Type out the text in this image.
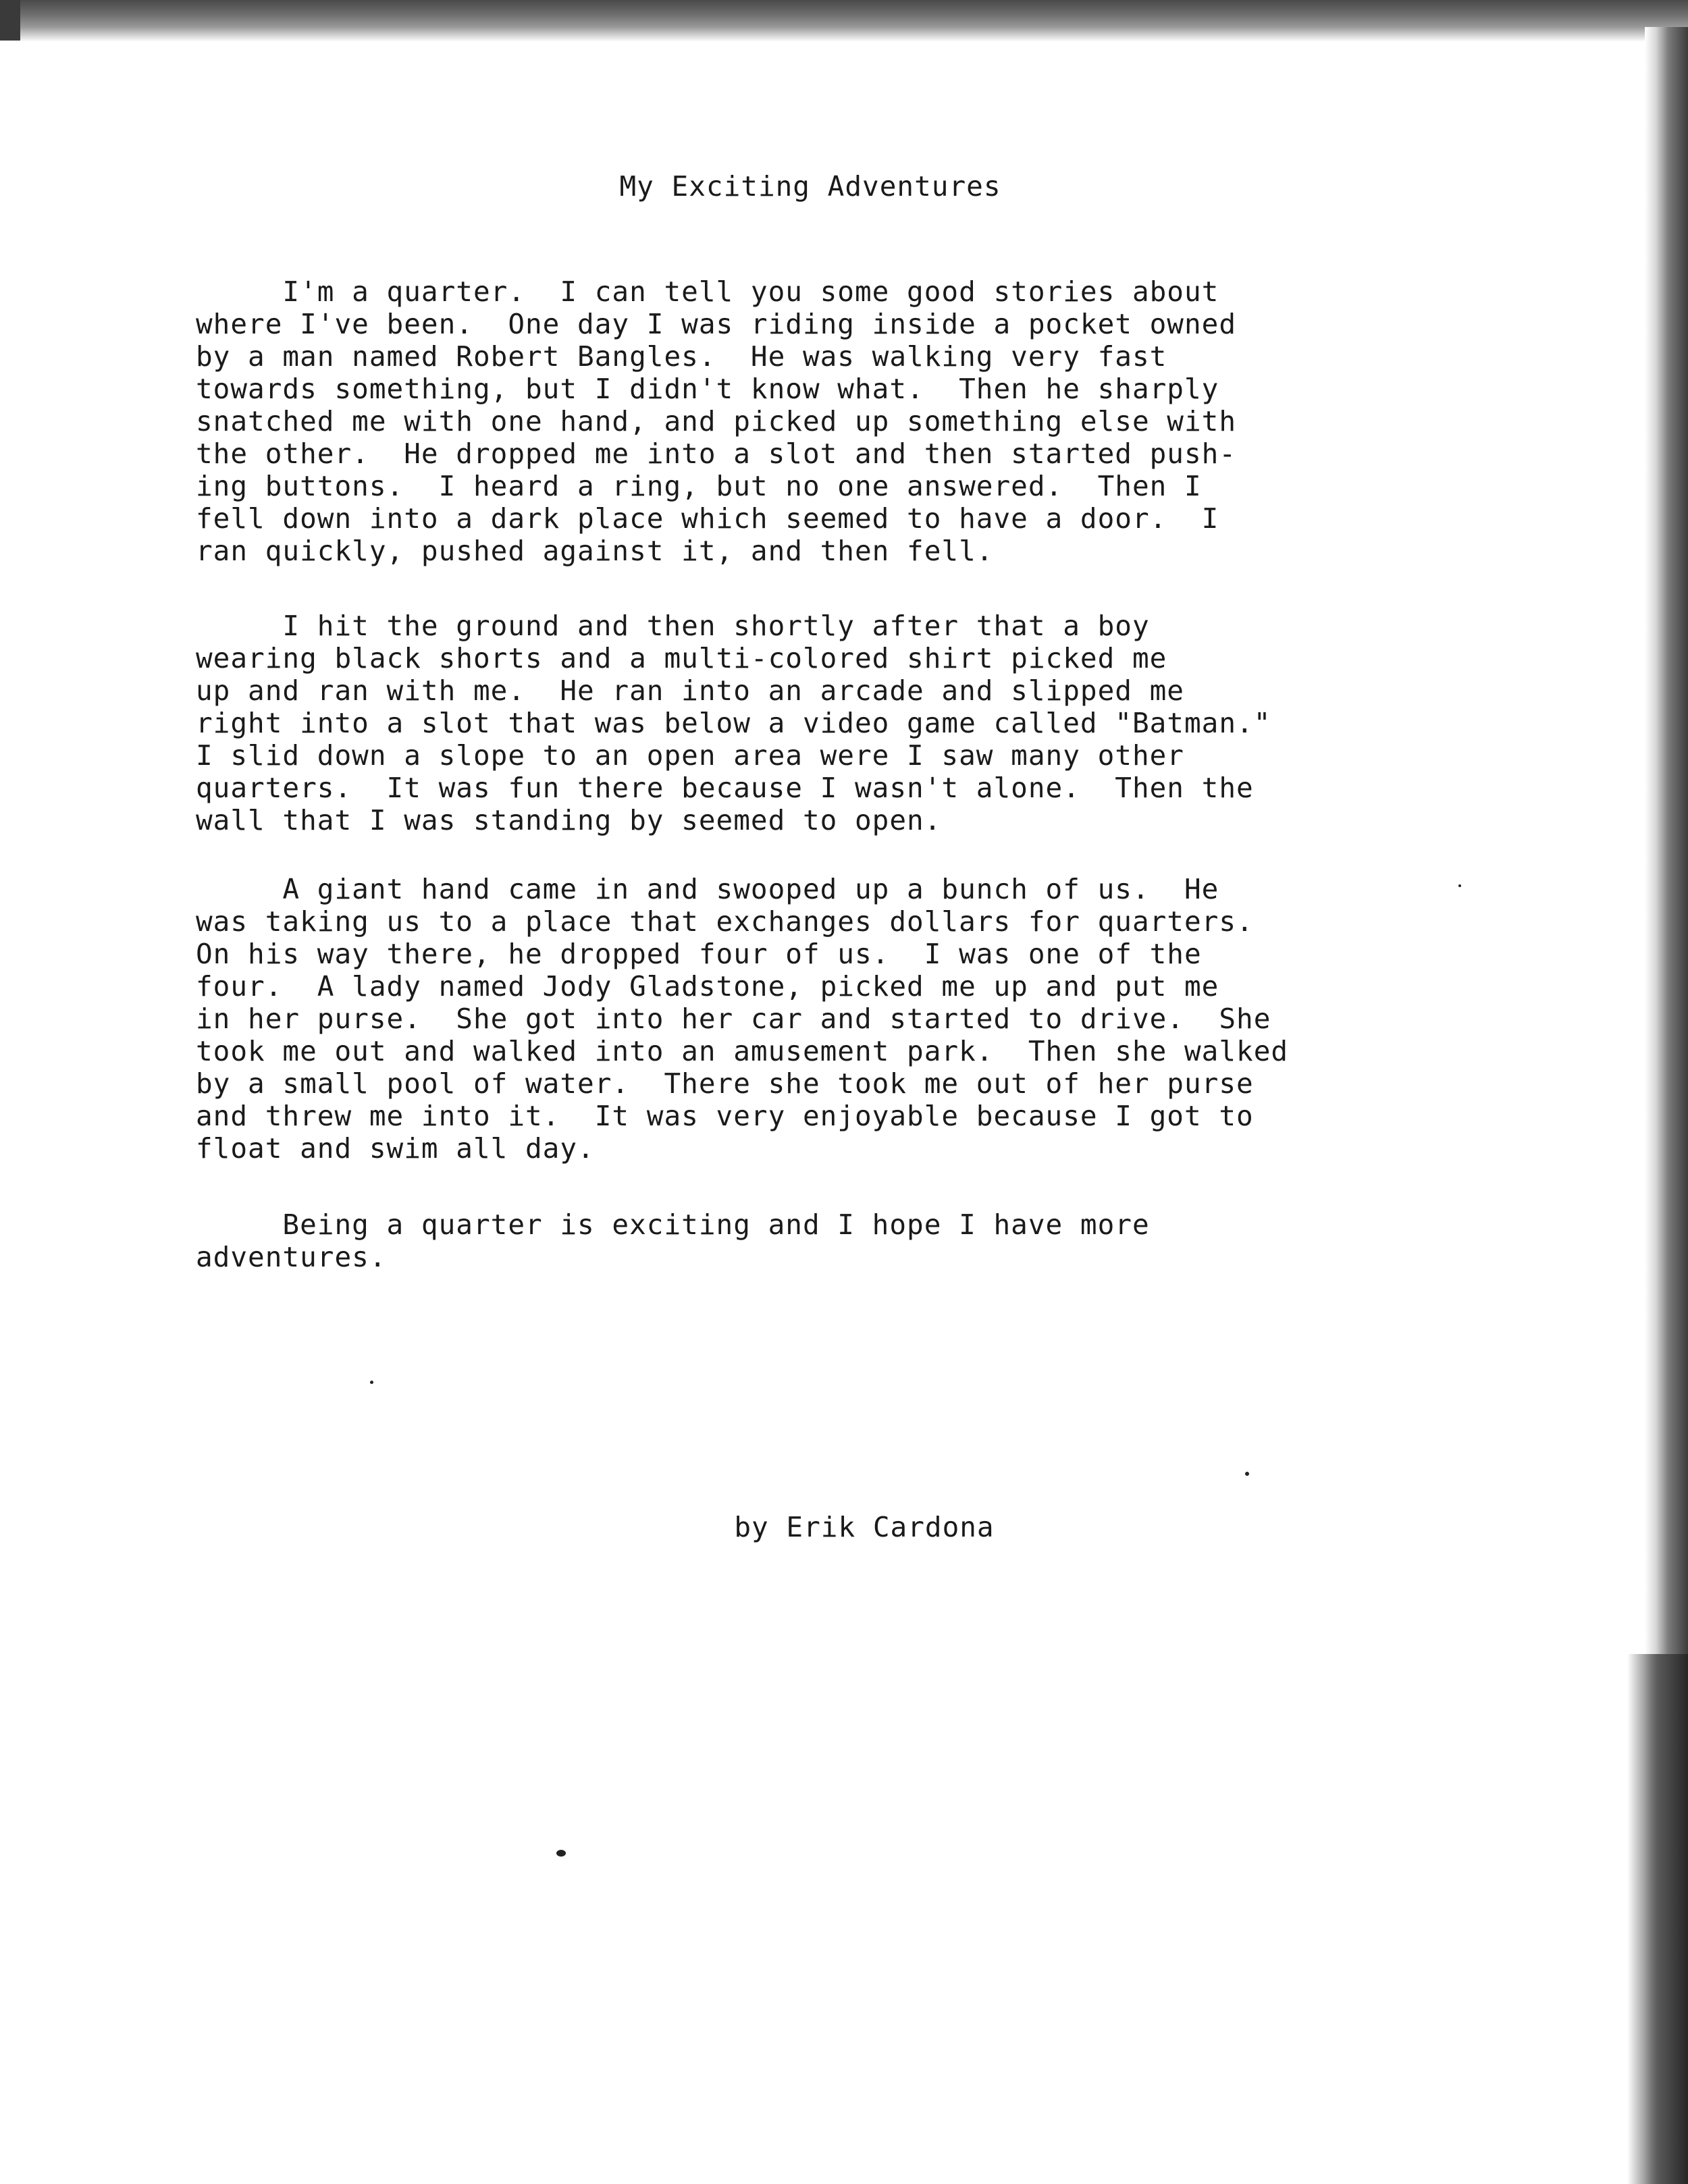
My Exciting Adventures

I'm a quarter.  I can tell you some good stories about
where I've been.  One day I was riding inside a pocket owned
by a man named Robert Bangles.  He was walking very fast
towards something, but I didn't know what.  Then he sharply
snatched me with one hand, and picked up something else with
the other.  He dropped me into a slot and then started push-
ing buttons.  I heard a ring, but no one answered.  Then I
fell down into a dark place which seemed to have a door.  I
ran quickly, pushed against it, and then fell.

I hit the ground and then shortly after that a boy
wearing black shorts and a multi-colored shirt picked me
up and ran with me.  He ran into an arcade and slipped me
right into a slot that was below a video game called "Batman."
I slid down a slope to an open area were I saw many other
quarters.  It was fun there because I wasn't alone.  Then the
wall that I was standing by seemed to open.

A giant hand came in and swooped up a bunch of us.  He
was taking us to a place that exchanges dollars for quarters.
On his way there, he dropped four of us.  I was one of the
four.  A lady named Jody Gladstone, picked me up and put me
in her purse.  She got into her car and started to drive.  She
took me out and walked into an amusement park.  Then she walked
by a small pool of water.  There she took me out of her purse
and threw me into it.  It was very enjoyable because I got to
float and swim all day.

Being a quarter is exciting and I hope I have more
adventures.

by Erik Cardona
